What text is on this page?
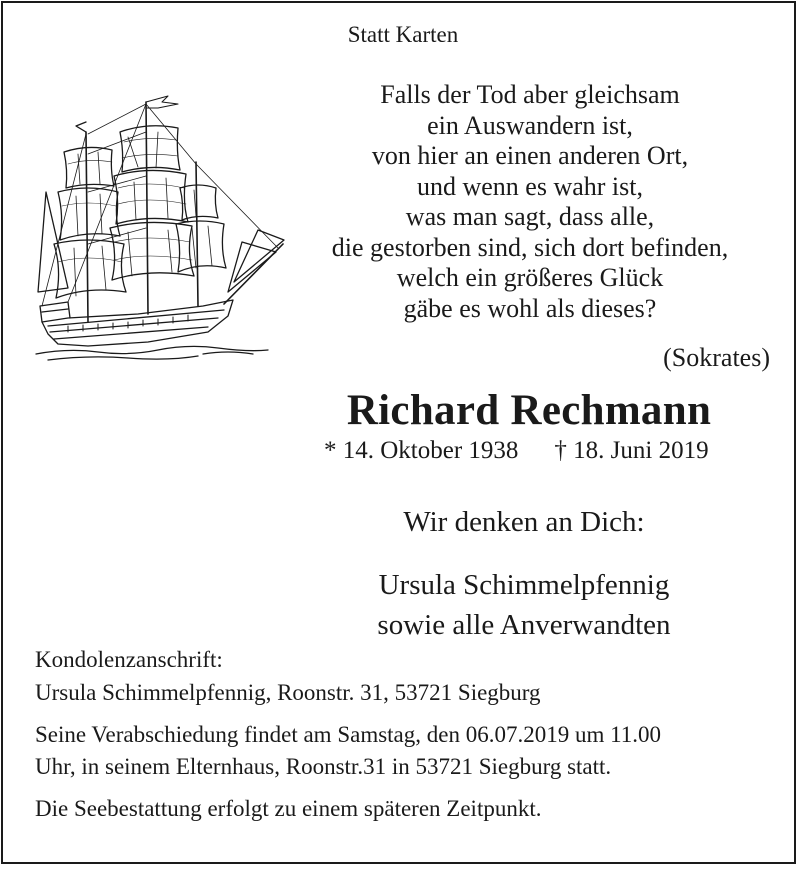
Statt Karten
Falls der Tod aber gleichsam
ein Auswandern ist,
von hier an einen anderen Ort,
und wenn es wahr ist,
was man sagt, dass alle,
die gestorben sind, sich dort befinden,
welch ein größeres Glück
gäbe es wohl als dieses?
(Sokrates)
Richard Rechmann
* 14. Oktober 1938 † 18. Juni 2019
Wir denken an Dich:
Ursula Schimmelpfennig
sowie alle Anverwandten
Kondolenzanschrift:
Ursula Schimmelpfennig, Roonstr. 31, 53721 Siegburg
Seine Verabschiedung findet am Samstag, den 06.07.2019 um 11.00
Uhr, in seinem Elternhaus, Roonstr.31 in 53721 Siegburg statt.
Die Seebestattung erfolgt zu einem späteren Zeitpunkt.
